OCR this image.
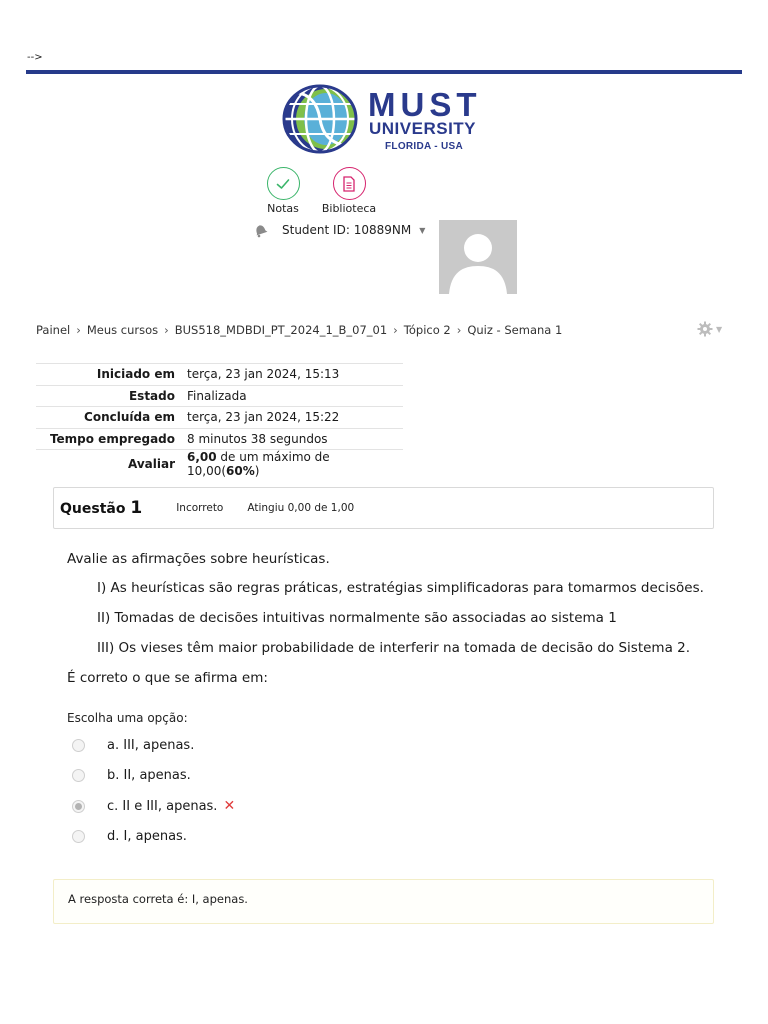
-->
MUST
UNIVERSITY
FLORIDA - USA
Notas	Biblioteca
Student ID: 10889NM ▼
Painel › Meus cursos › BUS518_MDBDI_PT_2024_1_B_07_01 › Tópico 2 › Quiz - Semana 1	▼
Iniciado em	terça, 23 jan 2024, 15:13
Estado	Finalizada
Concluída em	terça, 23 jan 2024, 15:22
Tempo empregado	8 minutos 38 segundos
Avaliar	6,00 de um máximo de 10,00(60%)
Questão 1	Incorreto Atingiu 0,00 de 1,00
Avalie as afirmações sobre heurísticas.
I) As heurísticas são regras práticas, estratégias simplificadoras para tomarmos decisões.
II) Tomadas de decisões intuitivas normalmente são associadas ao sistema 1
III) Os vieses têm maior probabilidade de interferir na tomada de decisão do Sistema 2.
É correto o que se afirma em:
Escolha uma opção:
a. III, apenas.
b. II, apenas.
c. II e III, apenas. ✕
d. I, apenas.
A resposta correta é: I, apenas.
